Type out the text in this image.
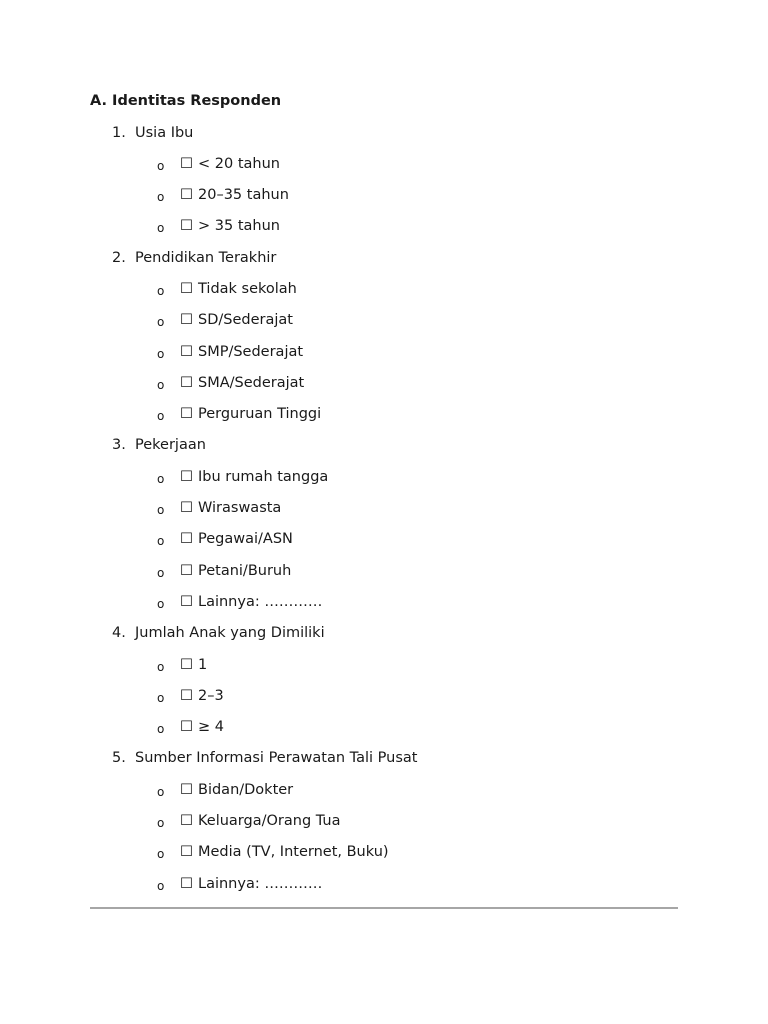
A. Identitas Responden
1. Usia Ibu
o	☐ < 20 tahun
o	☐ 20–35 tahun
o	☐ > 35 tahun
2. Pendidikan Terakhir
o	☐ Tidak sekolah
o	☐ SD/Sederajat
o	☐ SMP/Sederajat
o	☐ SMA/Sederajat
o	☐ Perguruan Tinggi
3. Pekerjaan
o	☐ Ibu rumah tangga
o	☐ Wiraswasta
o	☐ Pegawai/ASN
o	☐ Petani/Buruh
o	☐ Lainnya: …………
4. Jumlah Anak yang Dimiliki
o	☐ 1
o	☐ 2–3
o	☐ ≥ 4
5. Sumber Informasi Perawatan Tali Pusat
o	☐ Bidan/Dokter
o	☐ Keluarga/Orang Tua
o	☐ Media (TV, Internet, Buku)
o	☐ Lainnya: …………
